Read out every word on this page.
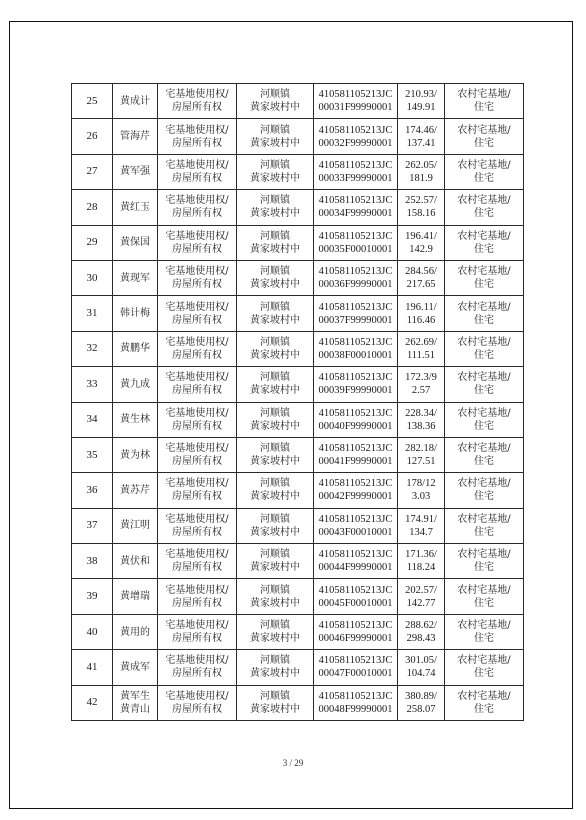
25	黄成计	宅基地使用权/
房屋所有权	河顺镇
黄家坡村中	410581105213JC
00031F99990001	210.93/
149.91	农村宅基地/
住宅

26	管海芹	宅基地使用权/
房屋所有权	河顺镇
黄家坡村中	410581105213JC
00032F99990001	174.46/
137.41	农村宅基地/
住宅

27	黄军强	宅基地使用权/
房屋所有权	河顺镇
黄家坡村中	410581105213JC
00033F99990001	262.05/
181.9	农村宅基地/
住宅

28	黄红玉	宅基地使用权/
房屋所有权	河顺镇
黄家坡村中	410581105213JC
00034F99990001	252.57/
158.16	农村宅基地/
住宅

29	黄保国	宅基地使用权/
房屋所有权	河顺镇
黄家坡村中	410581105213JC
00035F00010001	196.41/
142.9	农村宅基地/
住宅

30	黄现军	宅基地使用权/
房屋所有权	河顺镇
黄家坡村中	410581105213JC
00036F99990001	284.56/
217.65	农村宅基地/
住宅

31	韩计梅	宅基地使用权/
房屋所有权	河顺镇
黄家坡村中	410581105213JC
00037F99990001	196.11/
116.46	农村宅基地/
住宅

32	黄鹏华	宅基地使用权/
房屋所有权	河顺镇
黄家坡村中	410581105213JC
00038F00010001	262.69/
111.51	农村宅基地/
住宅

33	黄九成	宅基地使用权/
房屋所有权	河顺镇
黄家坡村中	410581105213JC
00039F99990001	172.3/9
2.57	农村宅基地/
住宅

34	黄生林	宅基地使用权/
房屋所有权	河顺镇
黄家坡村中	410581105213JC
00040F99990001	228.34/
138.36	农村宅基地/
住宅

35	黄为林	宅基地使用权/
房屋所有权	河顺镇
黄家坡村中	410581105213JC
00041F99990001	282.18/
127.51	农村宅基地/
住宅

36	黄苏芹	宅基地使用权/
房屋所有权	河顺镇
黄家坡村中	410581105213JC
00042F99990001	178/12
3.03	农村宅基地/
住宅

37	黄江明	宅基地使用权/
房屋所有权	河顺镇
黄家坡村中	410581105213JC
00043F00010001	174.91/
134.7	农村宅基地/
住宅

38	黄伏和	宅基地使用权/
房屋所有权	河顺镇
黄家坡村中	410581105213JC
00044F99990001	171.36/
118.24	农村宅基地/
住宅

39	黄增瑞	宅基地使用权/
房屋所有权	河顺镇
黄家坡村中	410581105213JC
00045F00010001	202.57/
142.77	农村宅基地/
住宅

40	黄用的	宅基地使用权/
房屋所有权	河顺镇
黄家坡村中	410581105213JC
00046F99990001	288.62/
298.43	农村宅基地/
住宅

41	黄成军	宅基地使用权/
房屋所有权	河顺镇
黄家坡村中	410581105213JC
00047F00010001	301.05/
104.74	农村宅基地/
住宅

42	黄军生
黄青山	宅基地使用权/
房屋所有权	河顺镇
黄家坡村中	410581105213JC
00048F99990001	380.89/
258.07	农村宅基地/
住宅
3 / 29
